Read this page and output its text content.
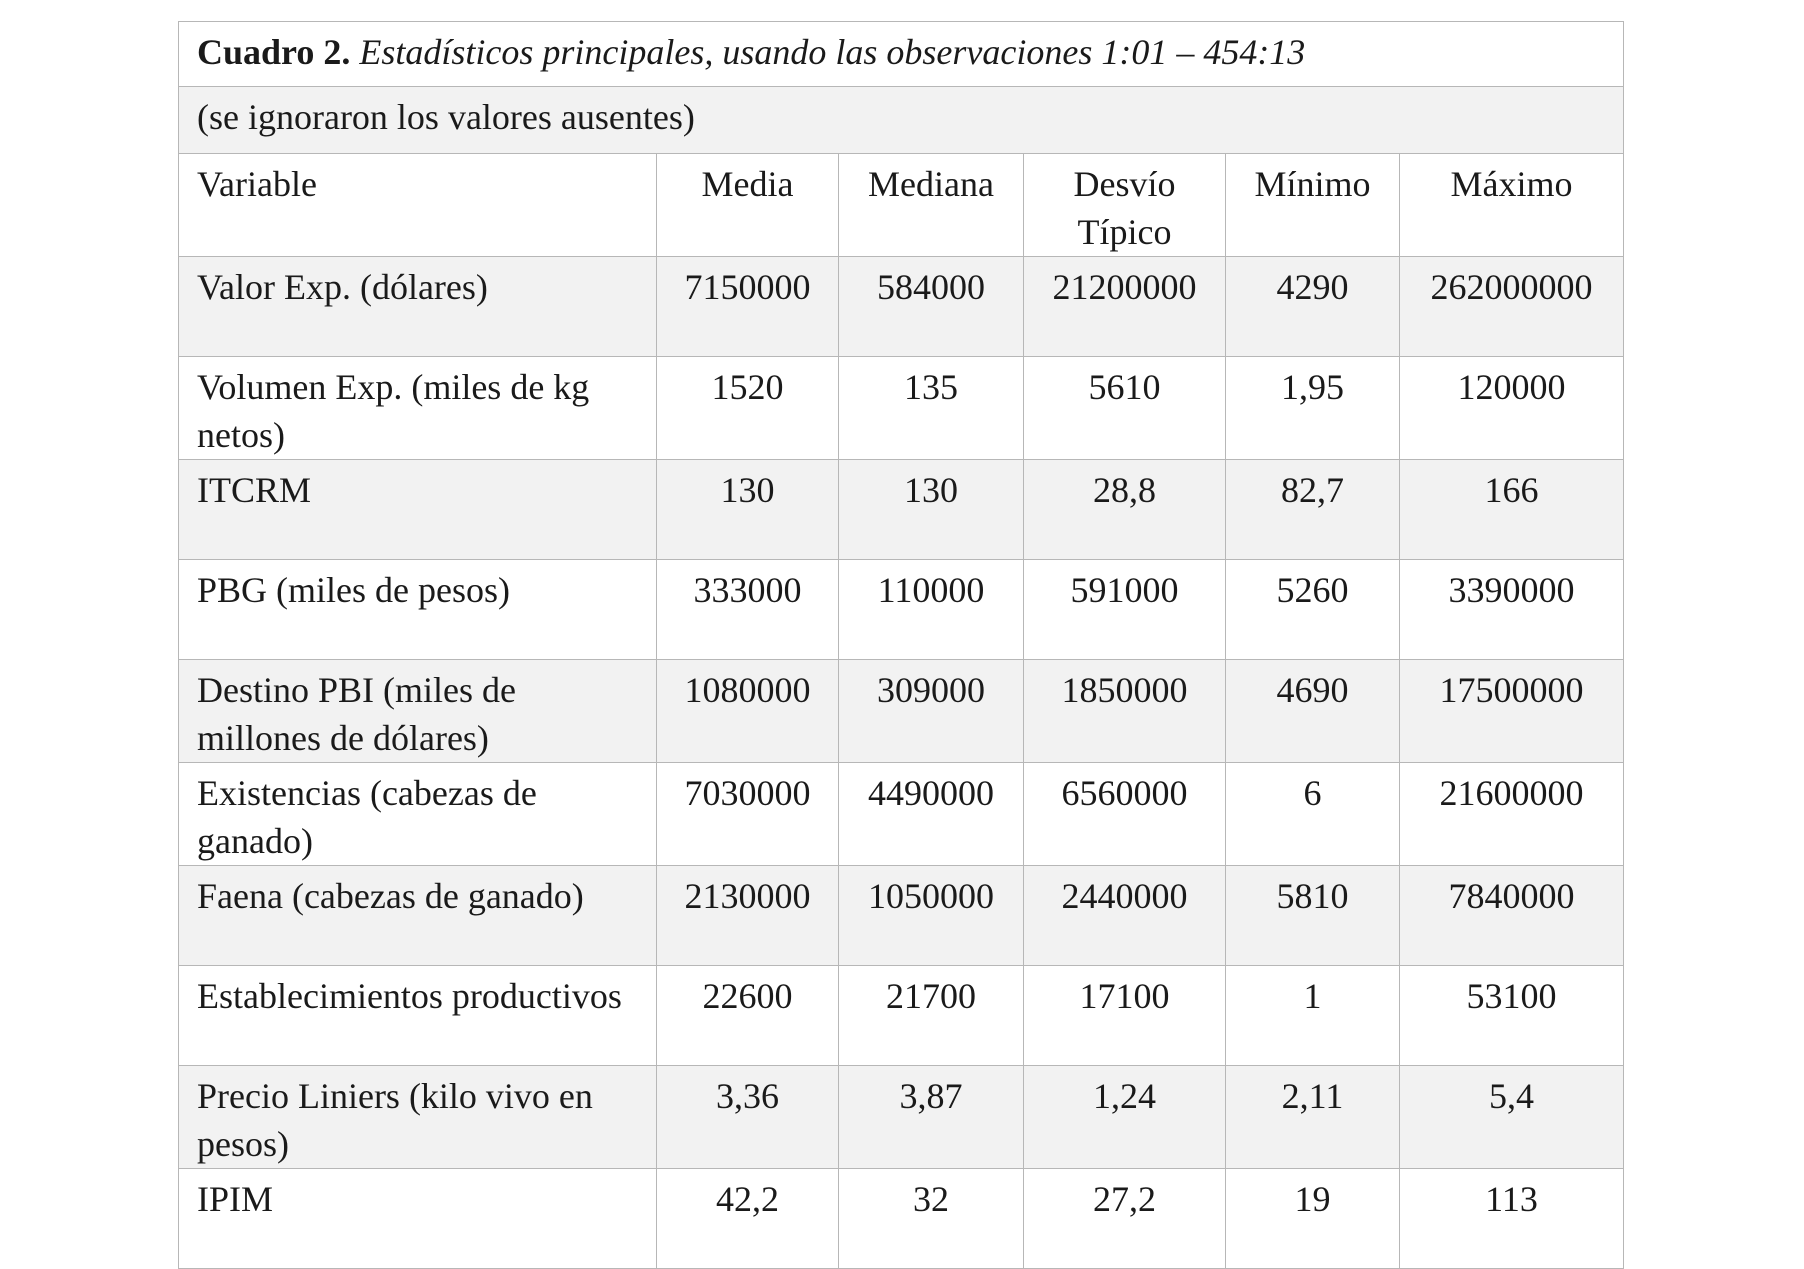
Cuadro 2. Estadísticos principales, usando las observaciones 1:01 – 454:13					
(se ignoraron los valores ausentes)					
Variable	Media	Mediana	Desvío Típico	Mínimo	Máximo
Valor Exp. (dólares)	7150000	584000	21200000	4290	262000000
Volumen Exp. (miles de kg netos)	1520	135	5610	1,95	120000
ITCRM	130	130	28,8	82,7	166
PBG (miles de pesos)	333000	110000	591000	5260	3390000
Destino PBI (miles de millones de dólares)	1080000	309000	1850000	4690	17500000
Existencias (cabezas de ganado)	7030000	4490000	6560000	6	21600000
Faena (cabezas de ganado)	2130000	1050000	2440000	5810	7840000
Establecimientos productivos	22600	21700	17100	1	53100
Precio Liniers (kilo vivo en pesos)	3,36	3,87	1,24	2,11	5,4
IPIM	42,2	32	27,2	19	113
